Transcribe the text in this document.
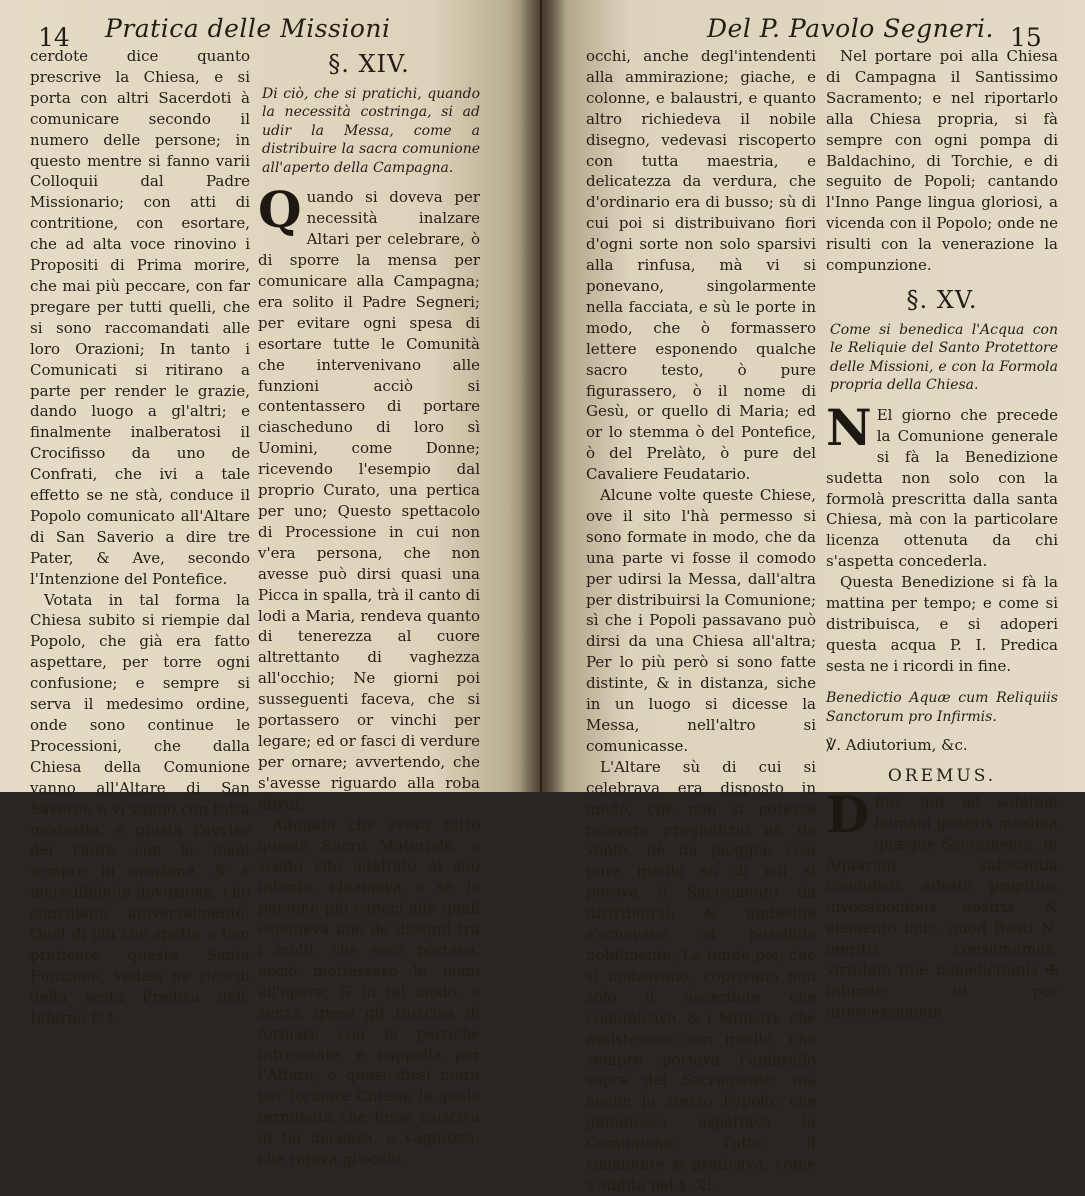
14 Pratica delle Missioni

cerdote dice quanto prescrive la Chiesa, e si porta con altri Sacerdoti à comunicare secondo il numero delle persone; in questo mentre si fanno varii Colloquii dal Padre Missionario; con atti di contritione, con esortare, che ad alta voce rinovino i Propositi di Prima morire, che mai più peccare, con far pregare per tutti quelli, che si sono raccomandati alle loro Orazioni; In tanto i Comunicati si ritirano a parte per render le grazie, dando luogo a gl'altri; e finalmente inalberatosi il Crocifisso da uno de Confrati, che ivi a tale effetto se ne stà, conduce il Popolo comunicato all'Altare di San Saverio a dire tre Pater, & Ave, secondo l'Intenzione del Pontefice.

Votata in tal forma la Chiesa subito si riempie dal Popolo, che già era fatto aspettare, per torre ogni confusione; e sempre si serva il medesimo ordine, onde sono continue le Processioni, che dalla Chiesa della Comunione vanno all'Altare di San Saverio; e vi vanno con tutta modestia, e giusta l'avviso del Padre con le mani sempre in orazione, & è incredibile la devozione, che conciliano universalmente; Quel di più che spetta a ben praticare questa Santa Funzione, vedasi ne ricordi della sesta Predica dell' Inferno P. I.

§. XIV.
Di ciò, che si pratichi, quando la necessità costringa, si ad udir la Messa, come a distribuire la sacra comunione all'aperto della Campagna.

Quando si doveva per necessità inalzare Altari per celebrare, ò di sporre la mensa per comunicare alla Campagna; era solito il Padre Segneri; per evitare ogni spesa di esortare tutte le Comunità che intervenivano alle funzioni acciò si contentassero di portare ciascheduno di loro sì Uomini, come Donne; ricevendo l'esempio dal proprio Curato, una pertica per uno; Questo spettacolo di Processione in cui non v'era persona, che non avesse può dirsi quasi una Picca in spalla, trà il canto di lodi a Maria, rendeva quanto di tenerezza al cuore altrettanto di vaghezza all'occhio; Ne giorni poi susseguenti faceva, che si portassero or vinchi per legare; ed or fasci di verdure per ornare; avvertendo, che s'avesse riguardo alla roba altrui.

Adunato che aveva tutto questo Sacro Materiale, e scelto sito adattato al suo intento, chiamava a sè le persone più capaci alle quali esponeva uno de disegni trà i molti, che seco portava, acciò mettessero le mani all'opera; & in tal modo, e senza spesa gli riusciva di formare con le pertiche intrecciate, e cappella per l'Altare, e quasi dissi mura per formare Chiesa; la quale terminata che fosse riusciva di tal decenza, e vaghezza, che rapiva gl'occhi,

Del P. Pavolo Segneri. 15

occhi, anche degl'intendenti alla ammirazione; giache, e colonne, e balaustri, e quanto altro richiedeva il nobile disegno, vedevasi riscoperto con tutta maestria, e delicatezza da verdura, che d'ordinario era di busso; sù di cui poi si distribuivano fiori d'ogni sorte non solo sparsivi alla rinfusa, mà vi si ponevano, singolarmente nella facciata, e sù le porte in modo, che ò formassero lettere esponendo qualche sacro testo, ò pure figurassero, ò il nome di Gesù, or quello di Maria; ed or lo stemma ò del Pontefice, ò del Prelàto, ò pure del Cavaliere Feudatario.

Alcune volte queste Chiese, ove il sito l'hà permesso si sono formate in modo, che da una parte vi fosse il comodo per udirsi la Messa, dall'altra per distribuirsi la Comunione; sì che i Popoli passavano può dirsi da una Chiesa all'altra; Per lo più però si sono fatte distinte, & in distanza, siche in un luogo si dicesse la Messa, nell'altro si comunicasse.

L'Altare sù di cui si celebrava era disposto in modo, che non si potesse ricevere pregiudizio nè da vento, nè da pioggia; così pure quello sù di cui si posava il Sacramento da distribuirsi; & ambedue s'ornavano al possibile nobilmente; Le tende poi, che si inalzavano, coprivano non solo il Sacerdote che comunicava, & i Ministri, che assistevano con quello, che sempre portava l'ombrello sopra del Sacramento; mà anche lo stesso Popolo; che genuflesso aspettava la Comunione; Tutto il rimanente si praticava, come s'addita nel §. XI.

Nel portare poi alla Chiesa di Campagna il Santissimo Sacramento; e nel riportarlo alla Chiesa propria, si fà sempre con ogni pompa di Baldachino, di Torchie, e di seguito de Popoli; cantando l'Inno Pange lingua gloriosi, a vicenda con il Popolo; onde ne risulti con la venerazione la compunzione.

§. XV.
Come si benedica l'Acqua con le Reliquie del Santo Protettore delle Missioni, e con la Formola propria della Chiesa.

N El giorno che precede la Comunione generale si fà la Benedizione sudetta non solo con la formolà prescritta dalla santa Chiesa, mà con la particolare licenza ottenuta da chi s'aspetta concederla.

Questa Benedizione si fà la mattina per tempo; e come si distribuisca, e si adoperi questa acqua P. I. Predica sesta ne i ricordi in fine.

Benedictio Aquæ cum Reliquiis Sanctorum pro Infirmis.
℣. Adiutorium, &c.
OREMUS.

D Eus qui ad salutem humani generis maxima quæque Sacramenta, in Aquarum substantia condidisti, adesto propitius invocationibus nostris, & elemento huic, quod Beati N. meritis consignamus, virtutem tuæ benedictionis ✠ infunde: ut per intercessionem
